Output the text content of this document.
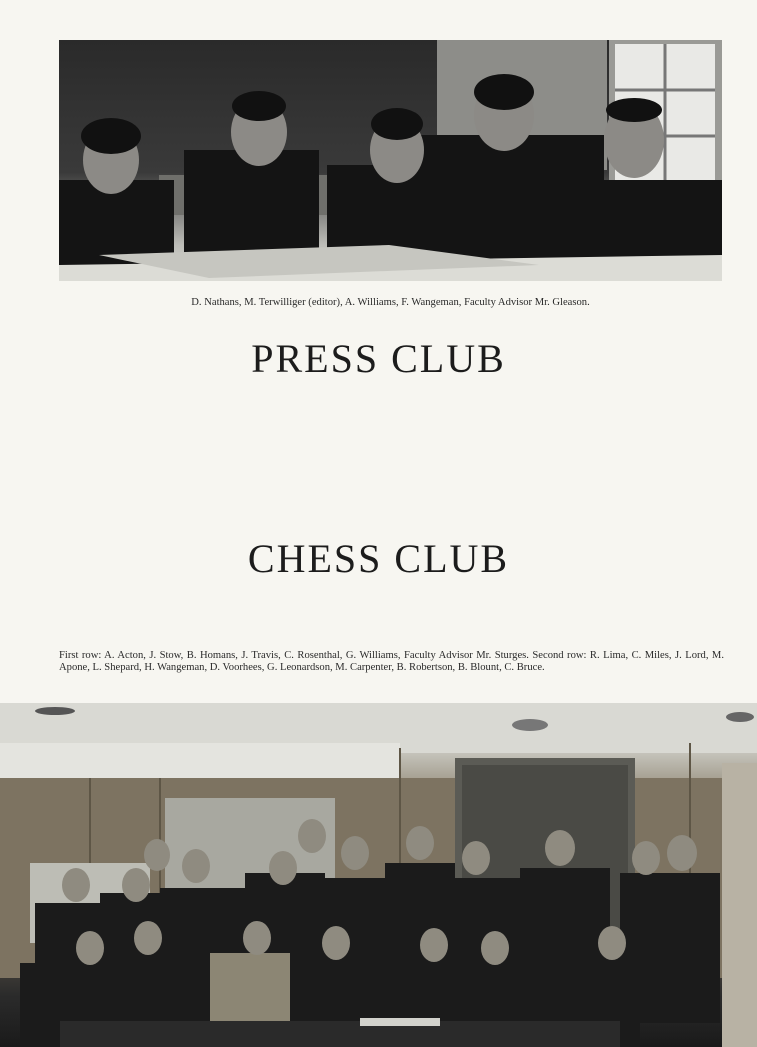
D. Nathans, M. Terwilliger (editor), A. Williams, F. Wangeman, Faculty Advisor Mr. Gleason.
PRESS CLUB
CHESS CLUB
First row: A. Acton, J. Stow, B. Homans, J. Travis, C. Rosenthal, G. Williams, Faculty Advisor Mr. Sturges. Second row: R. Lima, C. Miles, J. Lord, M. Apone, L. Shepard, H. Wangeman, D. Voorhees, G. Leonardson, M. Carpenter, B. Robertson, B. Blount, C. Bruce.
